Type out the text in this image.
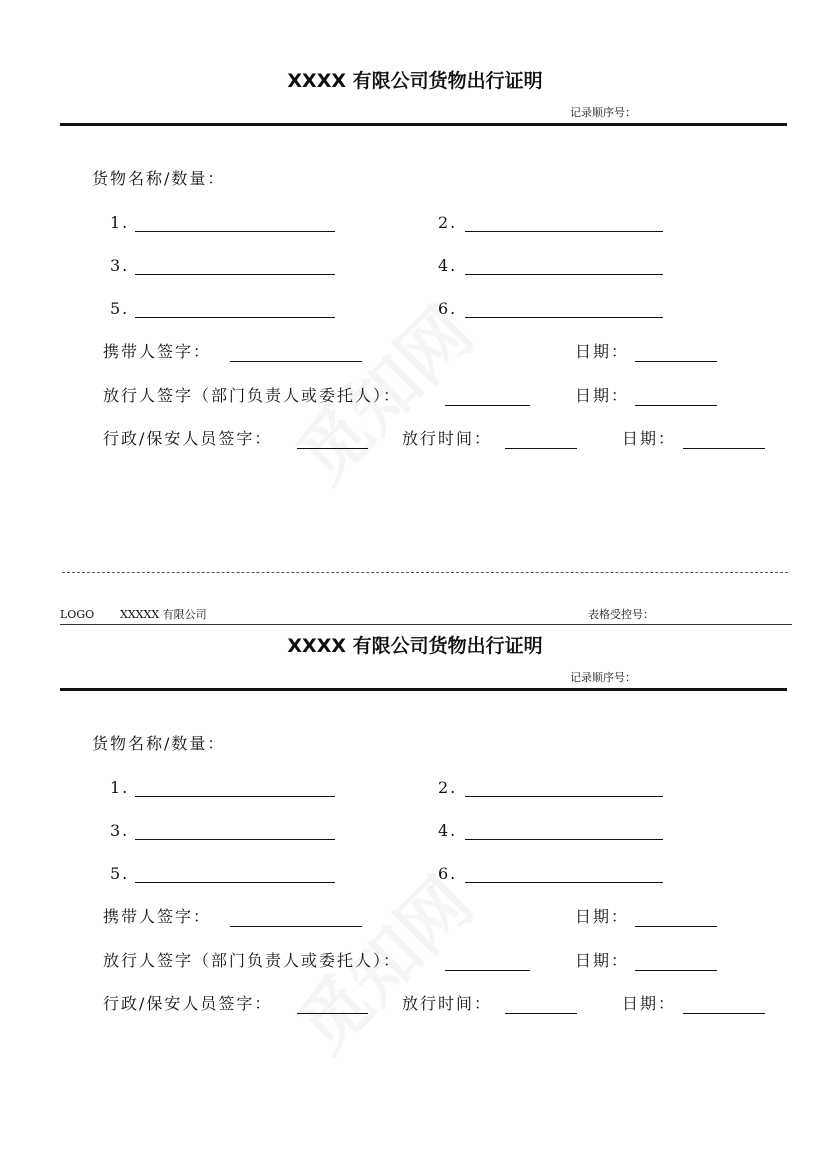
LOGO XXXXX 有限公司	表格受控号：
XXXX 有限公司货物出行证明
记录顺序号：
货物名称/数量：
1.	2.
3.	4.
5.	6.
携带人签字：	日期：
放行人签字（部门负责人或委托人）：	日期：
行政/保安人员签字：	放行时间：	日期：
XXXX 有限公司货物出行证明
记录顺序号：
货物名称/数量：
1.	2.
3.	4.
5.	6.
携带人签字：	日期：
放行人签字（部门负责人或委托人）：	日期：
行政/保安人员签字：	放行时间：	日期：
